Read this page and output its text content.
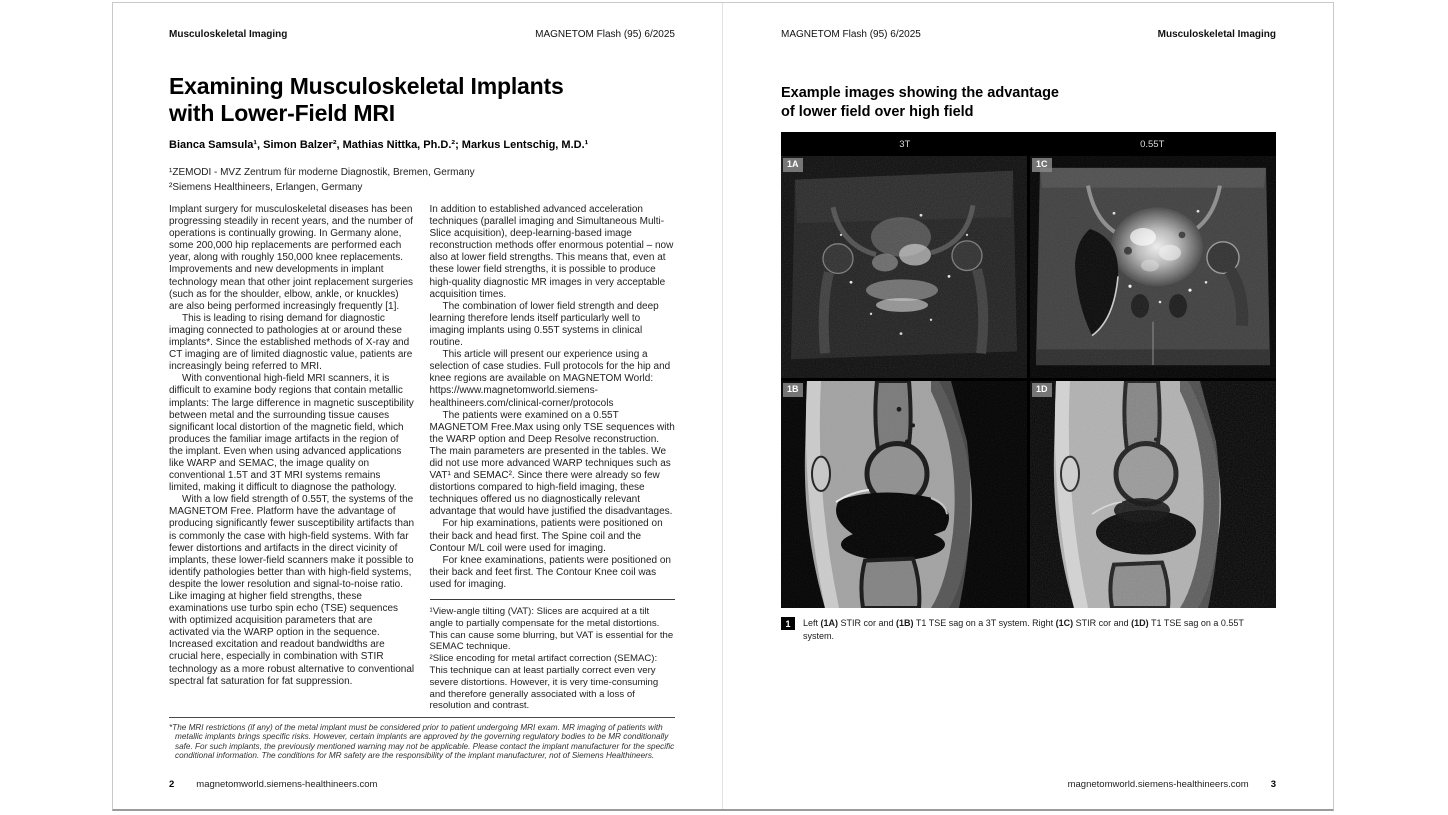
Musculoskeletal Imaging	MAGNETOM Flash (95) 6/2025
Examining Musculoskeletal Implants
with Lower-Field MRI
Bianca Samsula¹, Simon Balzer², Mathias Nittka, Ph.D.²; Markus Lentschig, M.D.¹
¹ZEMODI - MVZ Zentrum für moderne Diagnostik, Bremen, Germany
²Siemens Healthineers, Erlangen, Germany

Implant surgery for musculoskeletal diseases has been progressing steadily in recent years, and the number of operations is continually growing. In Germany alone, some 200,000 hip replacements are performed each year, along with roughly 150,000 knee replacements. Improvements and new developments in implant technology mean that other joint replacement surgeries (such as for the shoulder, elbow, ankle, or knuckles) are also being performed increasingly frequently [1].

This is leading to rising demand for diagnostic imaging connected to pathologies at or around these implants*. Since the established methods of X-ray and CT imaging are of limited diagnostic value, patients are increasingly being referred to MRI.

With conventional high-field MRI scanners, it is difficult to examine body regions that contain metallic implants: The large difference in magnetic susceptibility between metal and the surrounding tissue causes significant local distortion of the magnetic field, which produces the familiar image artifacts in the region of the implant. Even when using advanced applications like WARP and SEMAC, the image quality on conventional 1.5T and 3T MRI systems remains limited, making it difficult to diagnose the pathology.

With a low field strength of 0.55T, the systems of the MAGNETOM Free. Platform have the advantage of producing significantly fewer susceptibility artifacts than is commonly the case with high-field systems. With far fewer distortions and artifacts in the direct vicinity of implants, these lower-field scanners make it possible to identify pathologies better than with high-field systems, despite the lower resolution and signal-to-noise ratio. Like imaging at higher field strengths, these examinations use turbo spin echo (TSE) sequences with optimized acquisition parameters that are activated via the WARP option in the sequence. Increased excitation and readout bandwidths are crucial here, especially in combination with STIR technology as a more robust alternative to conventional spectral fat saturation for fat suppression.

In addition to established advanced acceleration techniques (parallel imaging and Simultaneous Multi-Slice acquisition), deep-learning-based image reconstruction methods offer enormous potential – now also at lower field strengths. This means that, even at these lower field strengths, it is possible to produce high-quality diagnostic MR images in very acceptable acquisition times.

The combination of lower field strength and deep learning therefore lends itself particularly well to imaging implants using 0.55T systems in clinical routine.

This article will present our experience using a selection of case studies. Full protocols for the hip and knee regions are available on MAGNETOM World: https://www.magnetomworld.siemens-healthineers.com/clinical-corner/protocols

The patients were examined on a 0.55T MAGNETOM Free.Max using only TSE sequences with the WARP option and Deep Resolve reconstruction. The main parameters are presented in the tables. We did not use more advanced WARP techniques such as VAT¹ and SEMAC². Since there were already so few distortions compared to high-field imaging, these techniques offered us no diagnostically relevant advantage that would have justified the disadvantages.

For hip examinations, patients were positioned on their back and head first. The Spine coil and the Contour M/L coil were used for imaging.

For knee examinations, patients were positioned on their back and feet first. The Contour Knee coil was used for imaging.

¹View-angle tilting (VAT): Slices are acquired at a tilt angle to partially compensate for the metal distortions. This can cause some blurring, but VAT is essential for the SEMAC technique.

²Slice encoding for metal artifact correction (SEMAC): This technique can at least partially correct even very severe distortions. However, it is very time-consuming and therefore generally associated with a loss of resolution and contrast.

*The MRI restrictions (if any) of the metal implant must be considered prior to patient undergoing MRI exam. MR imaging of patients with metallic implants brings specific risks. However, certain implants are approved by the governing regulatory bodies to be MR conditionally safe. For such implants, the previously mentioned warning may not be applicable. Please contact the implant manufacturer for the specific conditional information. The conditions for MR safety are the responsibility of the implant manufacturer, not of Siemens Healthineers.

2 magnetomworld.siemens-healthineers.com
MAGNETOM Flash (95) 6/2025	Musculoskeletal Imaging
Example images showing the advantage
of lower field over high field
3T	0.55T
1A	1C
1B	1D
1	Left (1A) STIR cor and (1B) T1 TSE sag on a 3T system. Right (1C) STIR cor and (1D) T1 TSE sag on a 0.55T system.
magnetomworld.siemens-healthineers.com 3
